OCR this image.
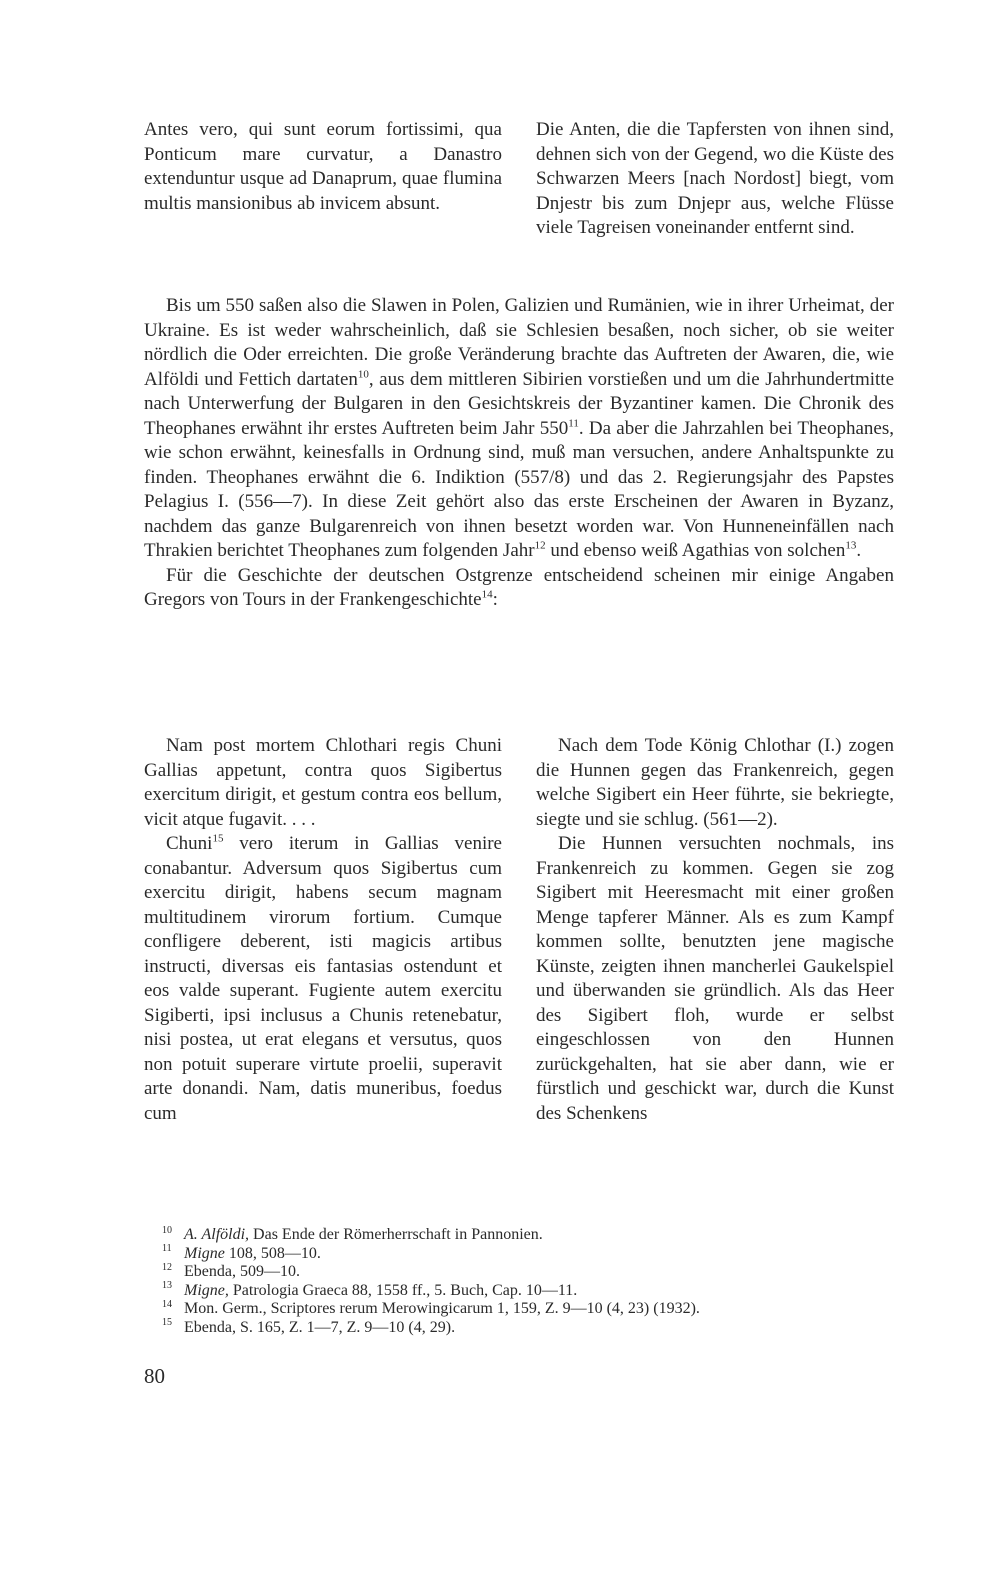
Antes vero, qui sunt eorum fortissimi, qua Ponticum mare curvatur, a Danastro extenduntur usque ad Danaprum, quae flumina multis mansionibus ab invicem absunt.

Die Anten, die die Tapfersten von ihnen sind, dehnen sich von der Gegend, wo die Küste des Schwarzen Meers [nach Nordost] biegt, vom Dnjestr bis zum Dnjepr aus, welche Flüsse viele Tagreisen voneinander entfernt sind.

Bis um 550 saßen also die Slawen in Polen, Galizien und Rumänien, wie in ihrer Urheimat, der Ukraine. Es ist weder wahrscheinlich, daß sie Schlesien besaßen, noch sicher, ob sie weiter nördlich die Oder erreichten. Die große Veränderung brachte das Auftreten der Awaren, die, wie Alföldi und Fettich dartaten$^{10}$, aus dem mittleren Sibirien vorstießen und um die Jahrhundertmitte nach Unterwerfung der Bulgaren in den Gesichtskreis der Byzantiner kamen. Die Chronik des Theophanes erwähnt ihr erstes Auftreten beim Jahr $550^{11}$. Da aber die Jahrzahlen bei Theophanes, wie schon erwähnt, keinesfalls in Ordnung sind, muß man versuchen, andere Anhaltspunkte zu finden. Theophanes erwähnt die 6. Indiktion (557/8) und das 2. Regierungsjahr des Papstes Pelagius I. (556—7). In diese Zeit gehört also das erste Erscheinen der Awaren in Byzanz, nachdem das ganze Bulgarenreich von ihnen besetzt worden war. Von Hunneneinfällen nach Thrakien berichtet Theophanes zum folgenden Jahr$^{12}$ und ebenso weiß Agathias von solchen$^{13}$.

Für die Geschichte der deutschen Ostgrenze entscheidend scheinen mir einige Angaben Gregors von Tours in der Frankengeschichte$^{14}$:

Nam post mortem Chlothari regis Chuni Gallias appetunt, contra quos Sigibertus exercitum dirigit, et gestum contra eos bellum, vicit atque fugavit. . . .

Chuni$^{15}$ vero iterum in Gallias venire conabantur. Adversum quos Sigibertus cum exercitu dirigit, habens secum magnam multitudinem virorum fortium. Cumque confligere deberent, isti magicis artibus instructi, diversas eis fantasias ostendunt et eos valde superant. Fugiente autem exercitu Sigiberti, ipsi inclusus a Chunis retenebatur, nisi postea, ut erat elegans et versutus, quos non potuit superare virtute proelii, superavit arte donandi. Nam, datis muneribus, foedus cum

Nach dem Tode König Chlothar (I.) zogen die Hunnen gegen das Frankenreich, gegen welche Sigibert ein Heer führte, sie bekriegte, siegte und sie schlug. (561—2).

Die Hunnen versuchten nochmals, ins Frankenreich zu kommen. Gegen sie zog Sigibert mit Heeresmacht mit einer großen Menge tapferer Männer. Als es zum Kampf kommen sollte, benutzten jene magische Künste, zeigten ihnen mancherlei Gaukelspiel und überwanden sie gründlich. Als das Heer des Sigibert floh, wurde er selbst eingeschlossen von den Hunnen zurückgehalten, hat sie aber dann, wie er fürstlich und geschickt war, durch die Kunst des Schenkens

10 A. Alföldi, Das Ende der Römerherrschaft in Pannonien.
11 Migne 108, 508—10.
12 Ebenda, 509—10.
13 Migne, Patrologia Graeca 88, 1558 ff., 5. Buch, Cap. 10—11.
14 Mon. Germ., Scriptores rerum Merowingicarum 1, 159, Z. 9—10 (4, 23) (1932).
15 Ebenda, S. 165, Z. 1—7, Z. 9—10 (4, 29).
80
